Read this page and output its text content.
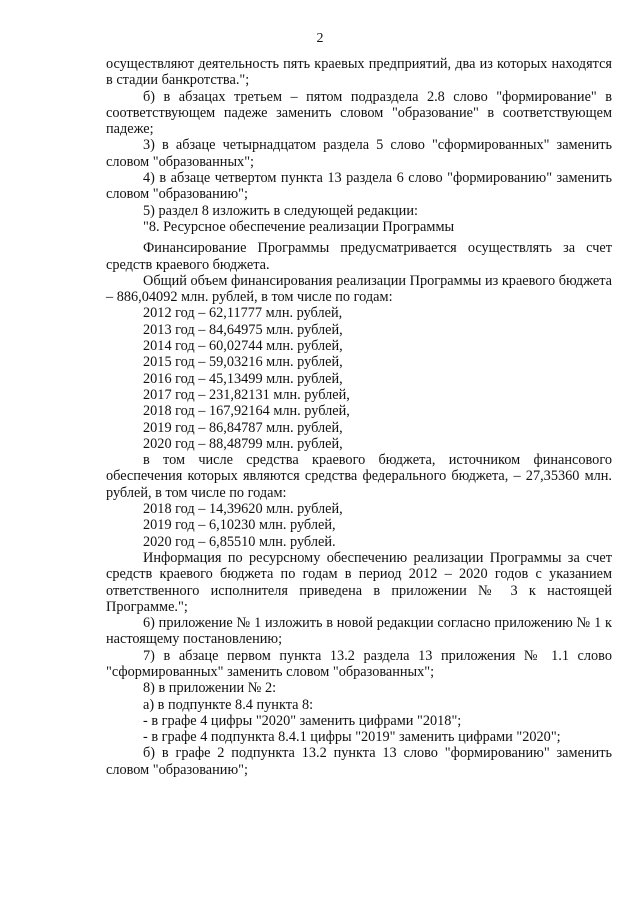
2

осуществляют деятельность пять краевых предприятий, два из которых находятся в стадии банкротства.";

б) в абзацах третьем – пятом подраздела 2.8 слово "формирование" в соответствующем падеже заменить словом "образование" в соответствующем падеже;

3) в абзаце четырнадцатом раздела 5 слово "сформированных" заменить словом "образованных";

4) в абзаце четвертом пункта 13 раздела 6 слово "формированию" заменить словом "образованию";

5) раздел 8 изложить в следующей редакции:

"8. Ресурсное обеспечение реализации Программы

Финансирование Программы предусматривается осуществлять за счет средств краевого бюджета.

Общий объем финансирования реализации Программы из краевого бюджета – 886,04092 млн. рублей, в том числе по годам:

2012 год – 62,11777 млн. рублей,

2013 год – 84,64975 млн. рублей,

2014 год – 60,02744 млн. рублей,

2015 год – 59,03216 млн. рублей,

2016 год – 45,13499 млн. рублей,

2017 год – 231,82131 млн. рублей,

2018 год – 167,92164 млн. рублей,

2019 год – 86,84787 млн. рублей,

2020 год – 88,48799 млн. рублей,

в том числе средства краевого бюджета, источником финансового обеспечения которых являются средства федерального бюджета, – 27,35360 млн. рублей, в том числе по годам:

2018 год – 14,39620 млн. рублей,

2019 год – 6,10230 млн. рублей,

2020 год – 6,85510 млн. рублей.

Информация по ресурсному обеспечению реализации Программы за счет средств краевого бюджета по годам в период 2012 – 2020 годов с указанием ответственного исполнителя приведена в приложении № 3 к настоящей Программе.";

6) приложение № 1 изложить в новой редакции согласно приложению № 1 к настоящему постановлению;

7) в абзаце первом пункта 13.2 раздела 13 приложения № 1.1 слово "сформированных" заменить словом "образованных";

8) в приложении № 2:

а) в подпункте 8.4 пункта 8:

- в графе 4 цифры "2020" заменить цифрами "2018";

- в графе 4 подпункта 8.4.1 цифры "2019" заменить цифрами "2020";

б) в графе 2 подпункта 13.2 пункта 13 слово "формированию" заменить словом "образованию";
